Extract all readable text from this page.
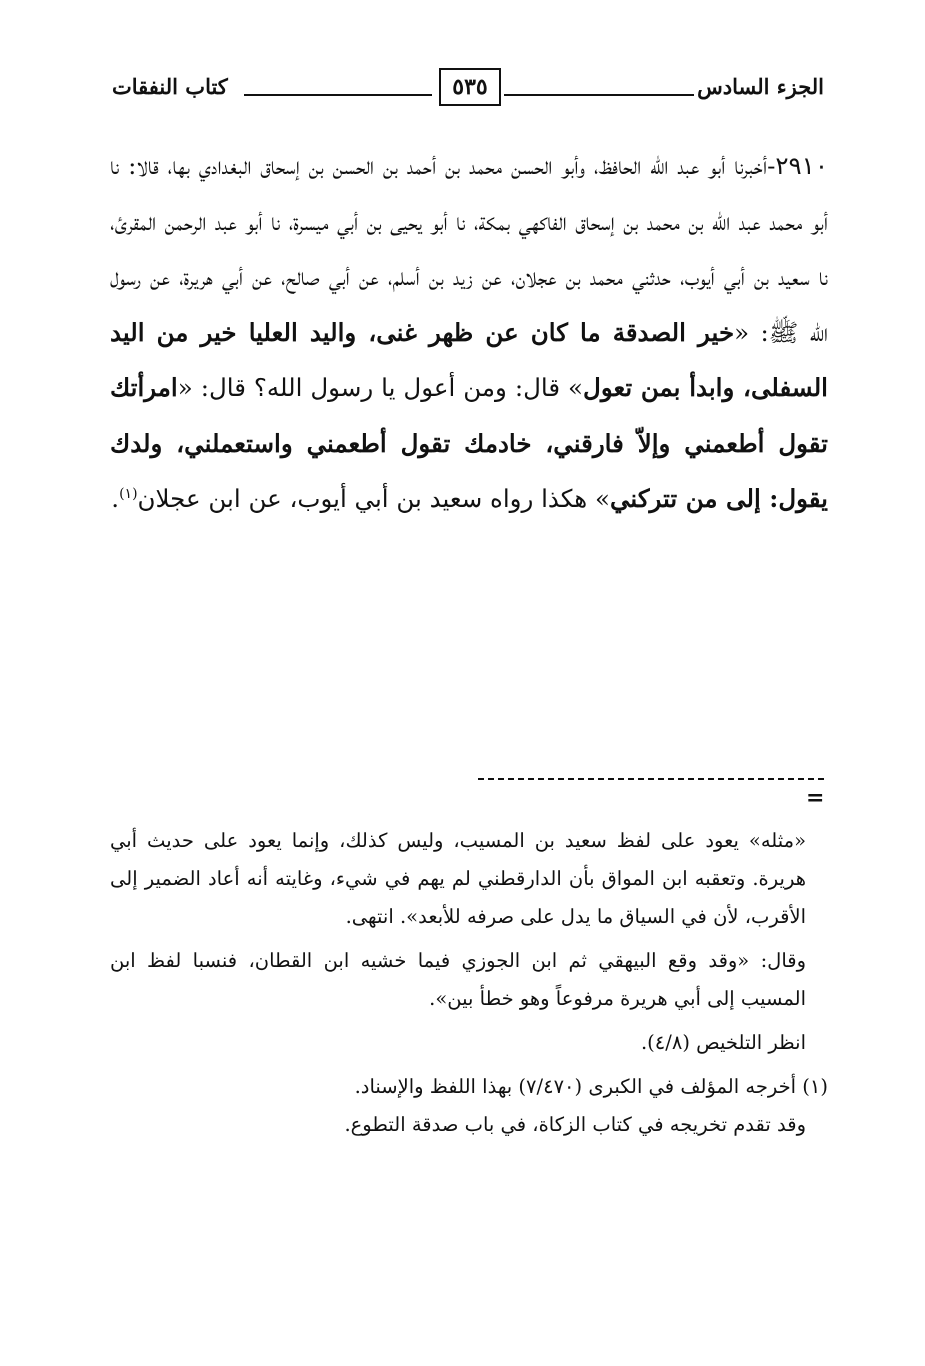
الجزء السادس
٥٣٥
كتاب النفقات

٢٩١٠-أخبرنا أبو عبد الله الحافظ، وأبو الحسن محمد بن أحمد بن الحسن بن إسحاق البغدادي بها، قالا: نا أبو محمد عبد الله بن محمد بن إسحاق الفاكهي بمكة، نا أبو يحيى بن أبي ميسرة، نا أبو عبد الرحمن المقرئ، نا سعيد بن أبي أيوب، حدثني محمد بن عجلان، عن زيد بن أسلم، عن أبي صالح، عن أبي هريرة، عن رسول الله ﷺ: «خير الصدقة ما كان عن ظهر غنى، واليد العليا خير من اليد السفلى، وابدأ بمن تعول» قال: ومن أعول يا رسول الله؟ قال: «امرأتك تقول أطعمني وإلاّ فارقني، خادمك تقول أطعمني واستعملني، ولدك يقول: إلى من تتركني» هكذا رواه سعيد بن أبي أيوب، عن ابن عجلان$^{(١)}$.

=

«مثله» يعود على لفظ سعيد بن المسيب، وليس كذلك، وإنما يعود على حديث أبي هريرة. وتعقبه ابن المواق بأن الدارقطني لم يهم في شيء، وغايته أنه أعاد الضمير إلى الأقرب، لأن في السياق ما يدل على صرفه للأبعد». انتهى.

وقال: «وقد وقع البيهقي ثم ابن الجوزي فيما خشيه ابن القطان، فنسبا لفظ ابن المسيب إلى أبي هريرة مرفوعاً وهو خطأ بين».

انظر التلخيص (٤/٨).

(١) أخرجه المؤلف في الكبرى (٧/٤٧٠) بهذا اللفظ والإسناد.

وقد تقدم تخريجه في كتاب الزكاة، في باب صدقة التطوع.
